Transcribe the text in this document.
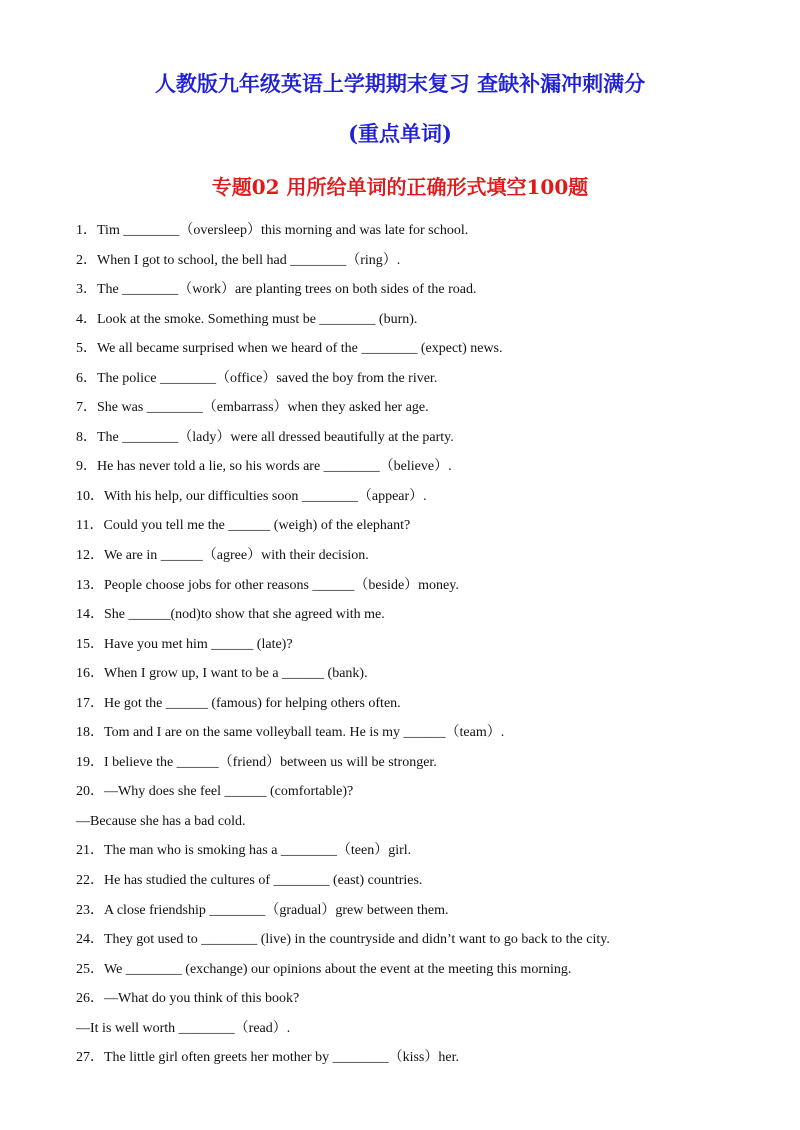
人教版九年级英语上学期期末复习 查缺补漏冲刺满分
(重点单词)
专题02 用所给单词的正确形式填空100题
1．Tim ________（oversleep）this morning and was late for school.
2．When I got to school, the bell had ________（ring）.
3．The ________（work）are planting trees on both sides of the road.
4．Look at the smoke. Something must be ________ (burn).
5．We all became surprised when we heard of the ________ (expect) news.
6．The police ________（office）saved the boy from the river.
7．She was ________（embarrass）when they asked her age.
8．The ________（lady）were all dressed beautifully at the party.
9．He has never told a lie, so his words are ________（believe）.
10．With his help, our difficulties soon ________（appear）.
11．Could you tell me the ______ (weigh) of the elephant?
12．We are in ______（agree）with their decision.
13．People choose jobs for other reasons ______（beside）money.
14．She ______(nod)to show that she agreed with me.
15．Have you met him ______ (late)?
16．When I grow up, I want to be a ______ (bank).
17．He got the ______ (famous) for helping others often.
18．Tom and I are on the same volleyball team. He is my ______（team）.
19．I believe the ______（friend）between us will be stronger.
20．—Why does she feel ______ (comfortable)?
—Because she has a bad cold.
21．The man who is smoking has a ________（teen）girl.
22．He has studied the cultures of ________ (east) countries.
23．A close friendship ________（gradual）grew between them.
24．They got used to ________ (live) in the countryside and didn’t want to go back to the city.
25．We ________ (exchange) our opinions about the event at the meeting this morning.
26．—What do you think of this book?
—It is well worth ________（read）.
27．The little girl often greets her mother by ________（kiss）her.
